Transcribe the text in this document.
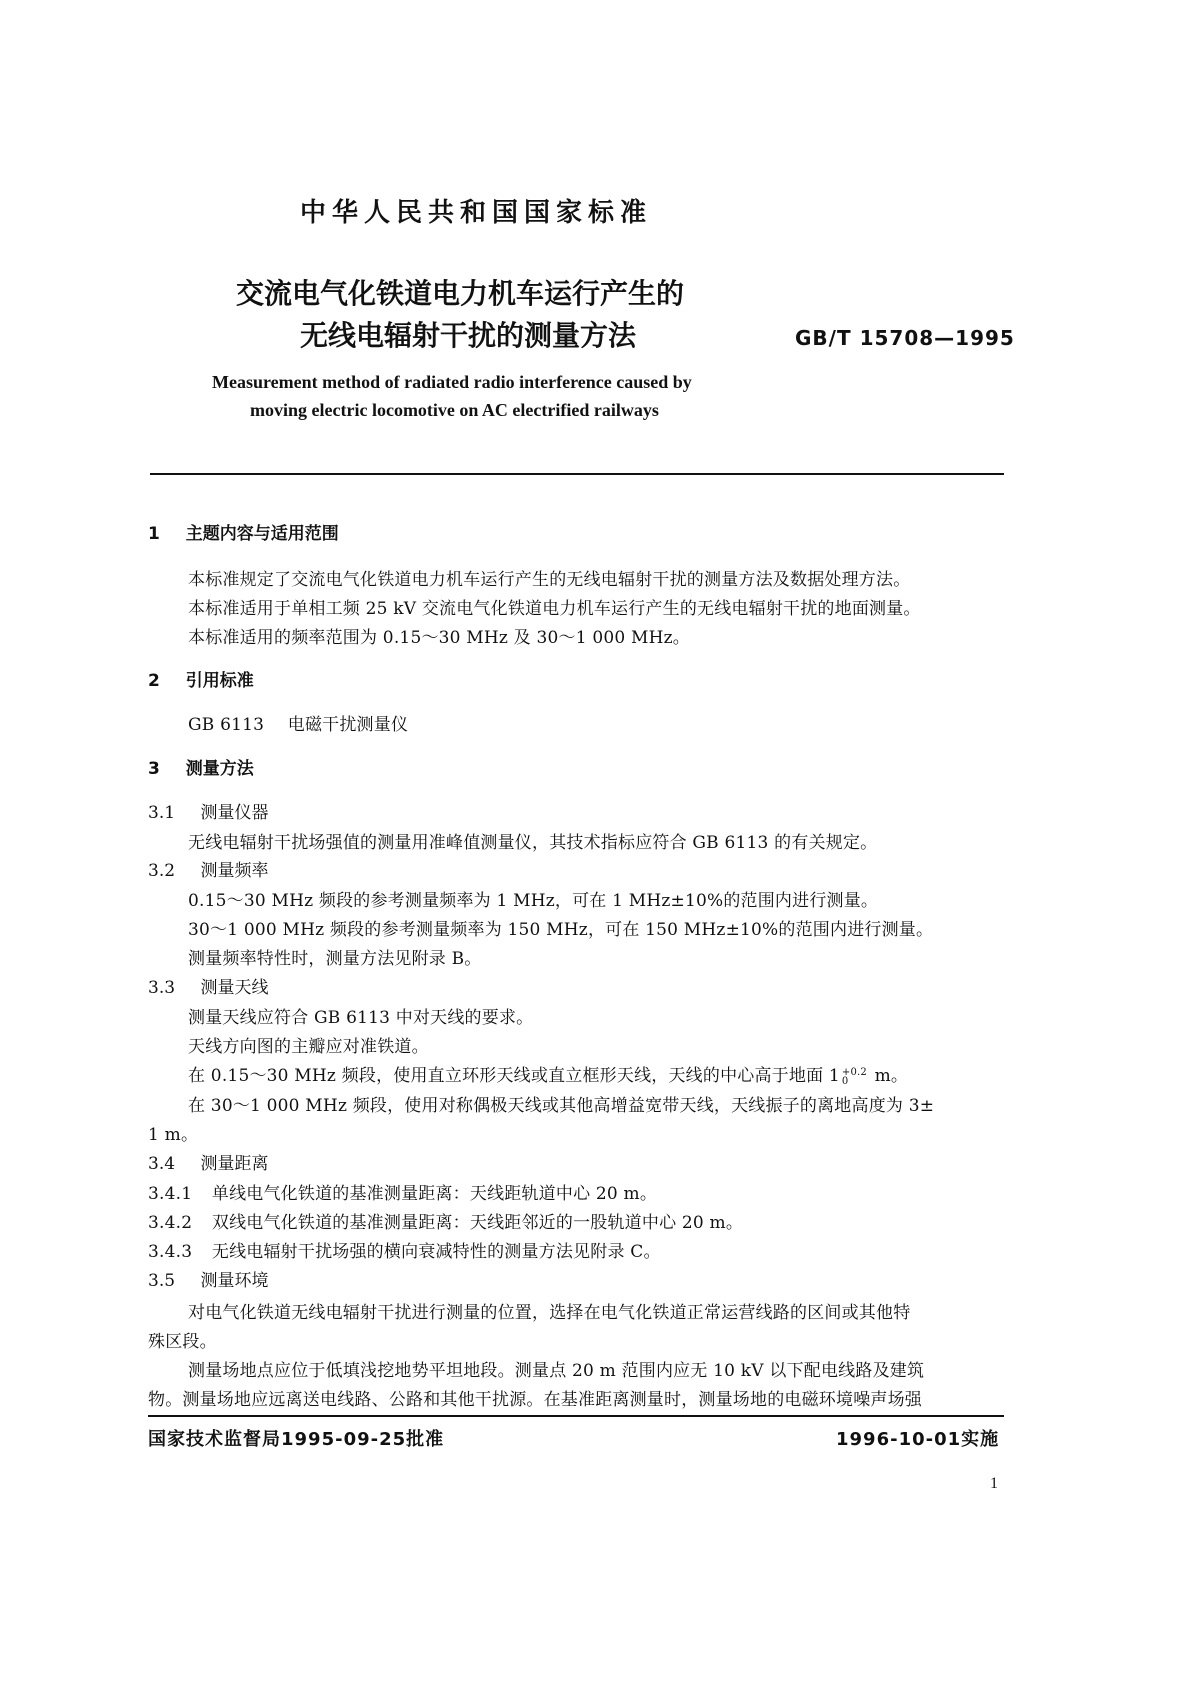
中华人民共和国国家标准
交流电气化铁道电力机车运行产生的
无线电辐射干扰的测量方法	GB/T 15708—1995
Measurement method of radiated radio interference caused by
moving electric locomotive on AC electrified railways
1 主题内容与适用范围
本标准规定了交流电气化铁道电力机车运行产生的无线电辐射干扰的测量方法及数据处理方法。
本标准适用于单相工频 25 kV 交流电气化铁道电力机车运行产生的无线电辐射干扰的地面测量。
本标准适用的频率范围为 0.15～30 MHz 及 30～1 000 MHz。
2 引用标准
GB 6113 电磁干扰测量仪
3 测量方法
3.1 测量仪器
无线电辐射干扰场强值的测量用准峰值测量仪，其技术指标应符合 GB 6113 的有关规定。
3.2 测量频率
0.15～30 MHz 频段的参考测量频率为 1 MHz，可在 1 MHz±10%的范围内进行测量。
30～1 000 MHz 频段的参考测量频率为 150 MHz，可在 150 MHz±10%的范围内进行测量。
测量频率特性时，测量方法见附录 B。
3.3 测量天线
测量天线应符合 GB 6113 中对天线的要求。
天线方向图的主瓣应对准铁道。
在 0.15～30 MHz 频段，使用直立环形天线或直立框形天线，天线的中心高于地面 1 +0.2
0	m。
在 30～1 000 MHz 频段，使用对称偶极天线或其他高增益宽带天线，天线振子的离地高度为 3±
1 m。
3.4 测量距离
3.4.1 单线电气化铁道的基准测量距离：天线距轨道中心 20 m。
3.4.2 双线电气化铁道的基准测量距离：天线距邻近的一股轨道中心 20 m。
3.4.3 无线电辐射干扰场强的横向衰减特性的测量方法见附录 C。
3.5 测量环境
对电气化铁道无线电辐射干扰进行测量的位置，选择在电气化铁道正常运营线路的区间或其他特
殊区段。
测量场地点应位于低填浅挖地势平坦地段。测量点 20 m 范围内应无 10 kV 以下配电线路及建筑
物。测量场地应远离送电线路、公路和其他干扰源。在基准距离测量时，测量场地的电磁环境噪声场强
国家技术监督局1995-09-25批准	1996-10-01实施
1
